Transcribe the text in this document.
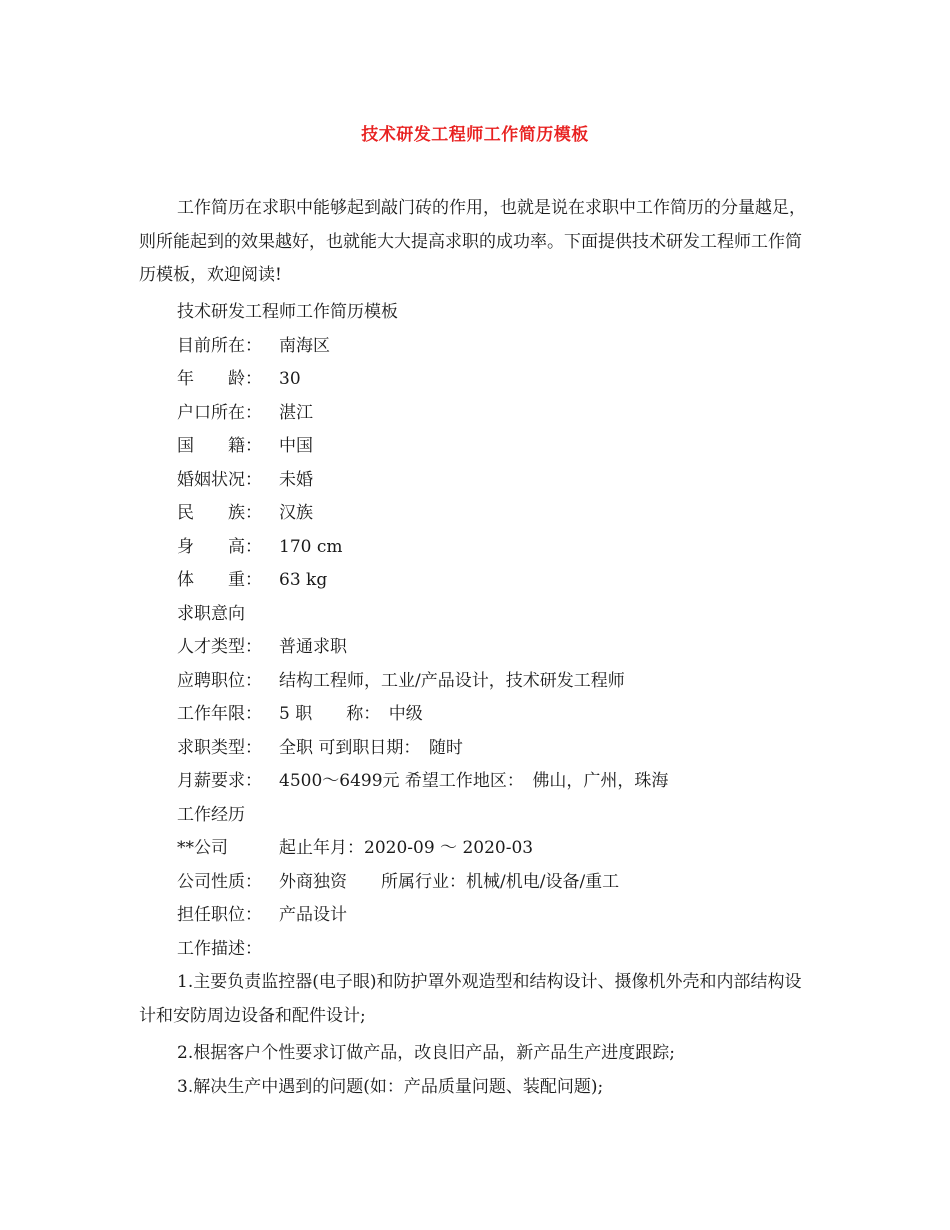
技术研发工程师工作简历模板

工作简历在求职中能够起到敲门砖的作用，也就是说在求职中工作简历的分量越足，则所能起到的效果越好，也就能大大提高求职的成功率。下面提供技术研发工程师工作简历模板，欢迎阅读!

技术研发工程师工作简历模板
目前所在： 南海区
年　　龄： 30
户口所在： 湛江
国　　籍： 中国
婚姻状况： 未婚
民　　族： 汉族
身　　高： 170 cm
体　　重： 63 kg
求职意向
人才类型： 普通求职
应聘职位： 结构工程师，工业/产品设计，技术研发工程师
工作年限： 5 职　　称：　中级
求职类型： 全职 可到职日期：　随时
月薪要求： 4500～6499元 希望工作地区：　佛山，广州，珠海
工作经历
**公司	起止年月：2020-09 ～ 2020-03
公司性质： 外商独资　　所属行业：机械/机电/设备/重工
担任职位： 产品设计
工作描述：

1.主要负责监控器(电子眼)和防护罩外观造型和结构设计、摄像机外壳和内部结构设计和安防周边设备和配件设计;

2.根据客户个性要求订做产品，改良旧产品，新产品生产进度跟踪;

3.解决生产中遇到的问题(如：产品质量问题、装配问题);
